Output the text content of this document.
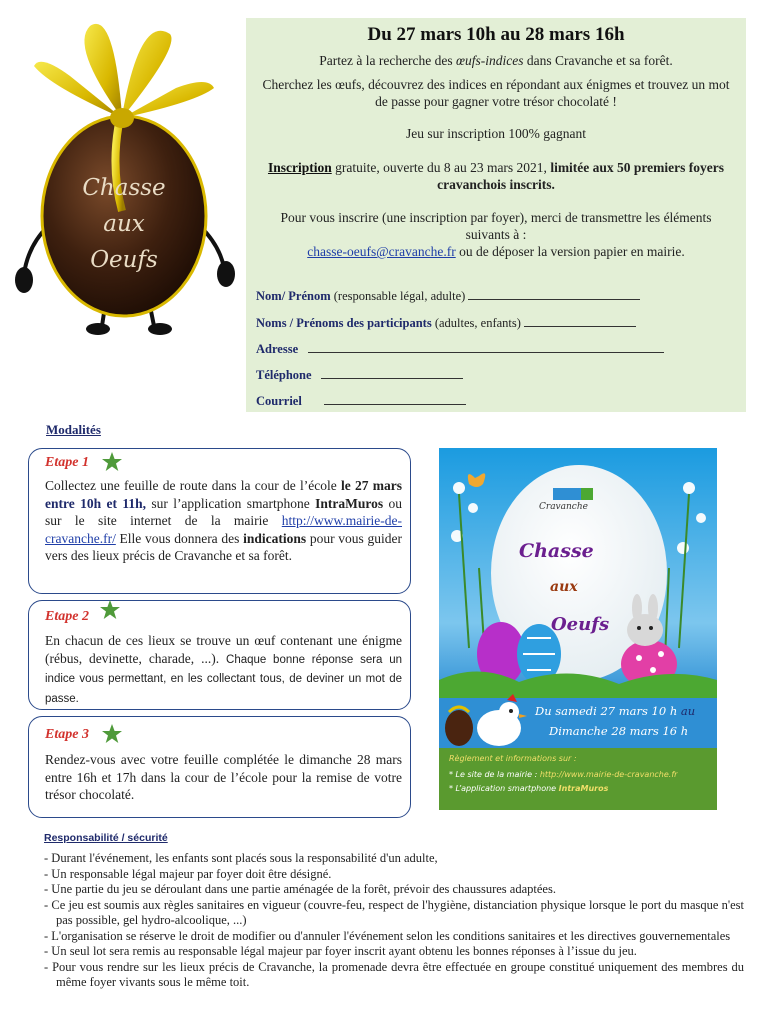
Chasse
aux
Oeufs
Du 27 mars 10h au 28 mars 16h
Partez à la recherche des œufs-indices dans Cravanche et sa forêt.
Cherchez les œufs, découvrez des indices en répondant aux énigmes et trouvez un mot de passe pour gagner votre trésor chocolaté !
Jeu sur inscription 100% gagnant
Inscription gratuite, ouverte du 8 au 23 mars 2021, limitée aux 50 premiers foyers cravanchois inscrits.
Pour vous inscrire (une inscription par foyer), merci de transmettre les éléments suivants à :
chasse-oeufs@cravanche.fr ou de déposer la version papier en mairie.
Nom/ Prénom (responsable légal, adulte)
Noms / Prénoms des participants (adultes, enfants)
Adresse
Téléphone
Courriel
Modalités
Etape 1
Collectez une feuille de route dans la cour de l’école le 27 mars entre 10h et 11h, sur l’application smartphone IntraMuros ou sur le site internet de la mairie http://www.mairie-de-cravanche.fr/ Elle vous donnera des indications pour vous guider vers des lieux précis de Cravanche et sa forêt.
Etape 2
En chacun de ces lieux se trouve un œuf contenant une énigme (rébus, devinette, charade, ...). Chaque bonne réponse sera un indice vous permettant, en les collectant tous, de deviner un mot de passe.
Etape 3
Rendez-vous avec votre feuille complétée le dimanche 28 mars entre 16h et 17h dans la cour de l’école pour la remise de votre trésor chocolaté.
Cravanche
Chasse
aux
Oeufs
Du samedi 27 mars 10 h au
Dimanche 28 mars 16 h
Règlement et informations sur :
* Le site de la mairie : http://www.mairie-de-cravanche.fr
* L’application smartphone IntraMuros
Responsabilité / sécurité
- Durant l'événement, les enfants sont placés sous la responsabilité d'un adulte,
- Un responsable légal majeur par foyer doit être désigné.
- Une partie du jeu se déroulant dans une partie aménagée de la forêt, prévoir des chaussures adaptées.
- Ce jeu est soumis aux règles sanitaires en vigueur (couvre-feu, respect de l'hygiène, distanciation physique lorsque le port du masque n'est pas possible, gel hydro-alcoolique, ...)
- L'organisation se réserve le droit de modifier ou d'annuler l'événement selon les conditions sanitaires et les directives gouvernementales
- Un seul lot sera remis au responsable légal majeur par foyer inscrit ayant obtenu les bonnes réponses à l’issue du jeu.
- Pour vous rendre sur les lieux précis de Cravanche, la promenade devra être effectuée en groupe constitué uniquement des membres du même foyer vivants sous le même toit.
